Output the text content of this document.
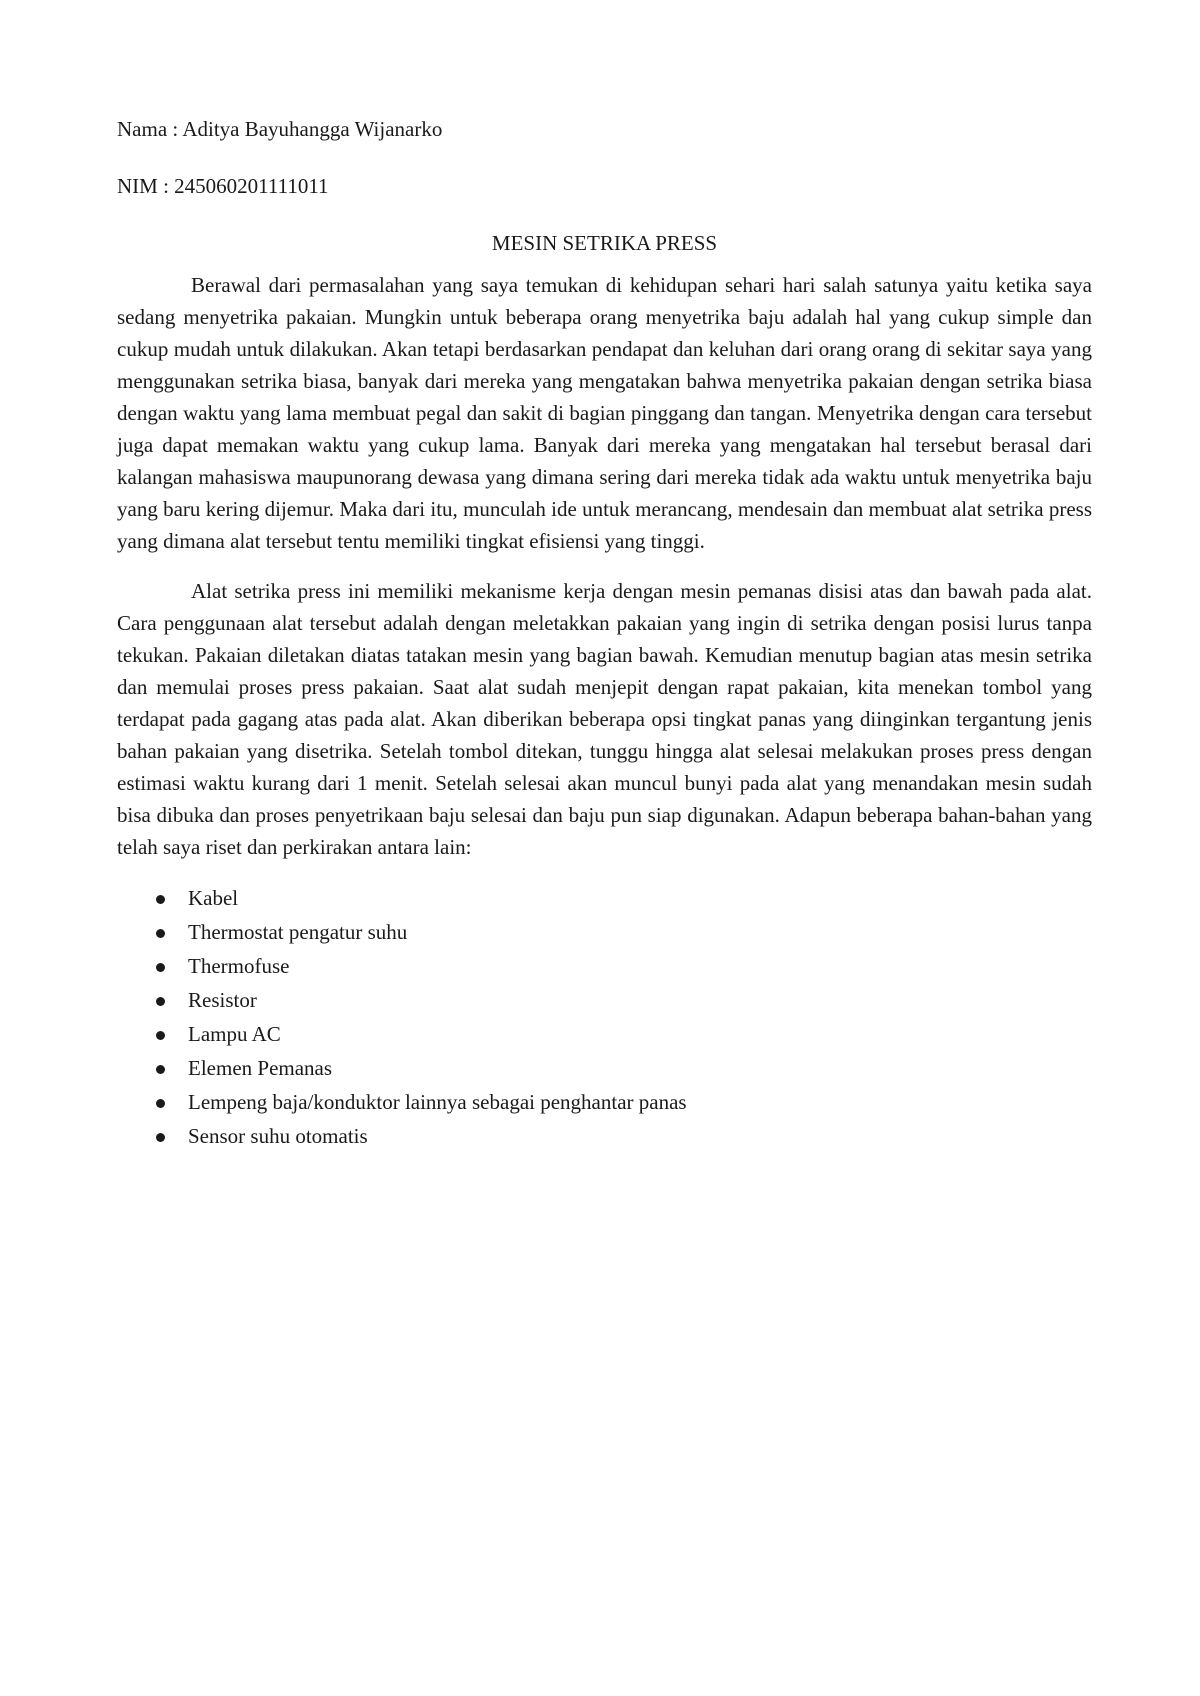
Nama : Aditya Bayuhangga Wijanarko

NIM : 245060201111011

MESIN SETRIKA PRESS

Berawal dari permasalahan yang saya temukan di kehidupan sehari hari salah satunya yaitu ketika saya sedang menyetrika pakaian. Mungkin untuk beberapa orang menyetrika baju adalah hal yang cukup simple dan cukup mudah untuk dilakukan. Akan tetapi berdasarkan pendapat dan keluhan dari orang orang di sekitar saya yang menggunakan setrika biasa, banyak dari mereka yang mengatakan bahwa menyetrika pakaian dengan setrika biasa dengan waktu yang lama membuat pegal dan sakit di bagian pinggang dan tangan. Menyetrika dengan cara tersebut juga dapat memakan waktu yang cukup lama. Banyak dari mereka yang mengatakan hal tersebut berasal dari kalangan mahasiswa maupunorang dewasa yang dimana sering dari mereka tidak ada waktu untuk menyetrika baju yang baru kering dijemur. Maka dari itu, munculah ide untuk merancang, mendesain dan membuat alat setrika press yang dimana alat tersebut tentu memiliki tingkat efisiensi yang tinggi.

Alat setrika press ini memiliki mekanisme kerja dengan mesin pemanas disisi atas dan bawah pada alat. Cara penggunaan alat tersebut adalah dengan meletakkan pakaian yang ingin di setrika dengan posisi lurus tanpa tekukan. Pakaian diletakan diatas tatakan mesin yang bagian bawah. Kemudian menutup bagian atas mesin setrika dan memulai proses press pakaian. Saat alat sudah menjepit dengan rapat pakaian, kita menekan tombol yang terdapat pada gagang atas pada alat. Akan diberikan beberapa opsi tingkat panas yang diinginkan tergantung jenis bahan pakaian yang disetrika. Setelah tombol ditekan, tunggu hingga alat selesai melakukan proses press dengan estimasi waktu kurang dari 1 menit. Setelah selesai akan muncul bunyi pada alat yang menandakan mesin sudah bisa dibuka dan proses penyetrikaan baju selesai dan baju pun siap digunakan. Adapun beberapa bahan-bahan yang telah saya riset dan perkirakan antara lain:

Kabel
Thermostat pengatur suhu
Thermofuse
Resistor
Lampu AC
Elemen Pemanas
Lempeng baja/konduktor lainnya sebagai penghantar panas
Sensor suhu otomatis
